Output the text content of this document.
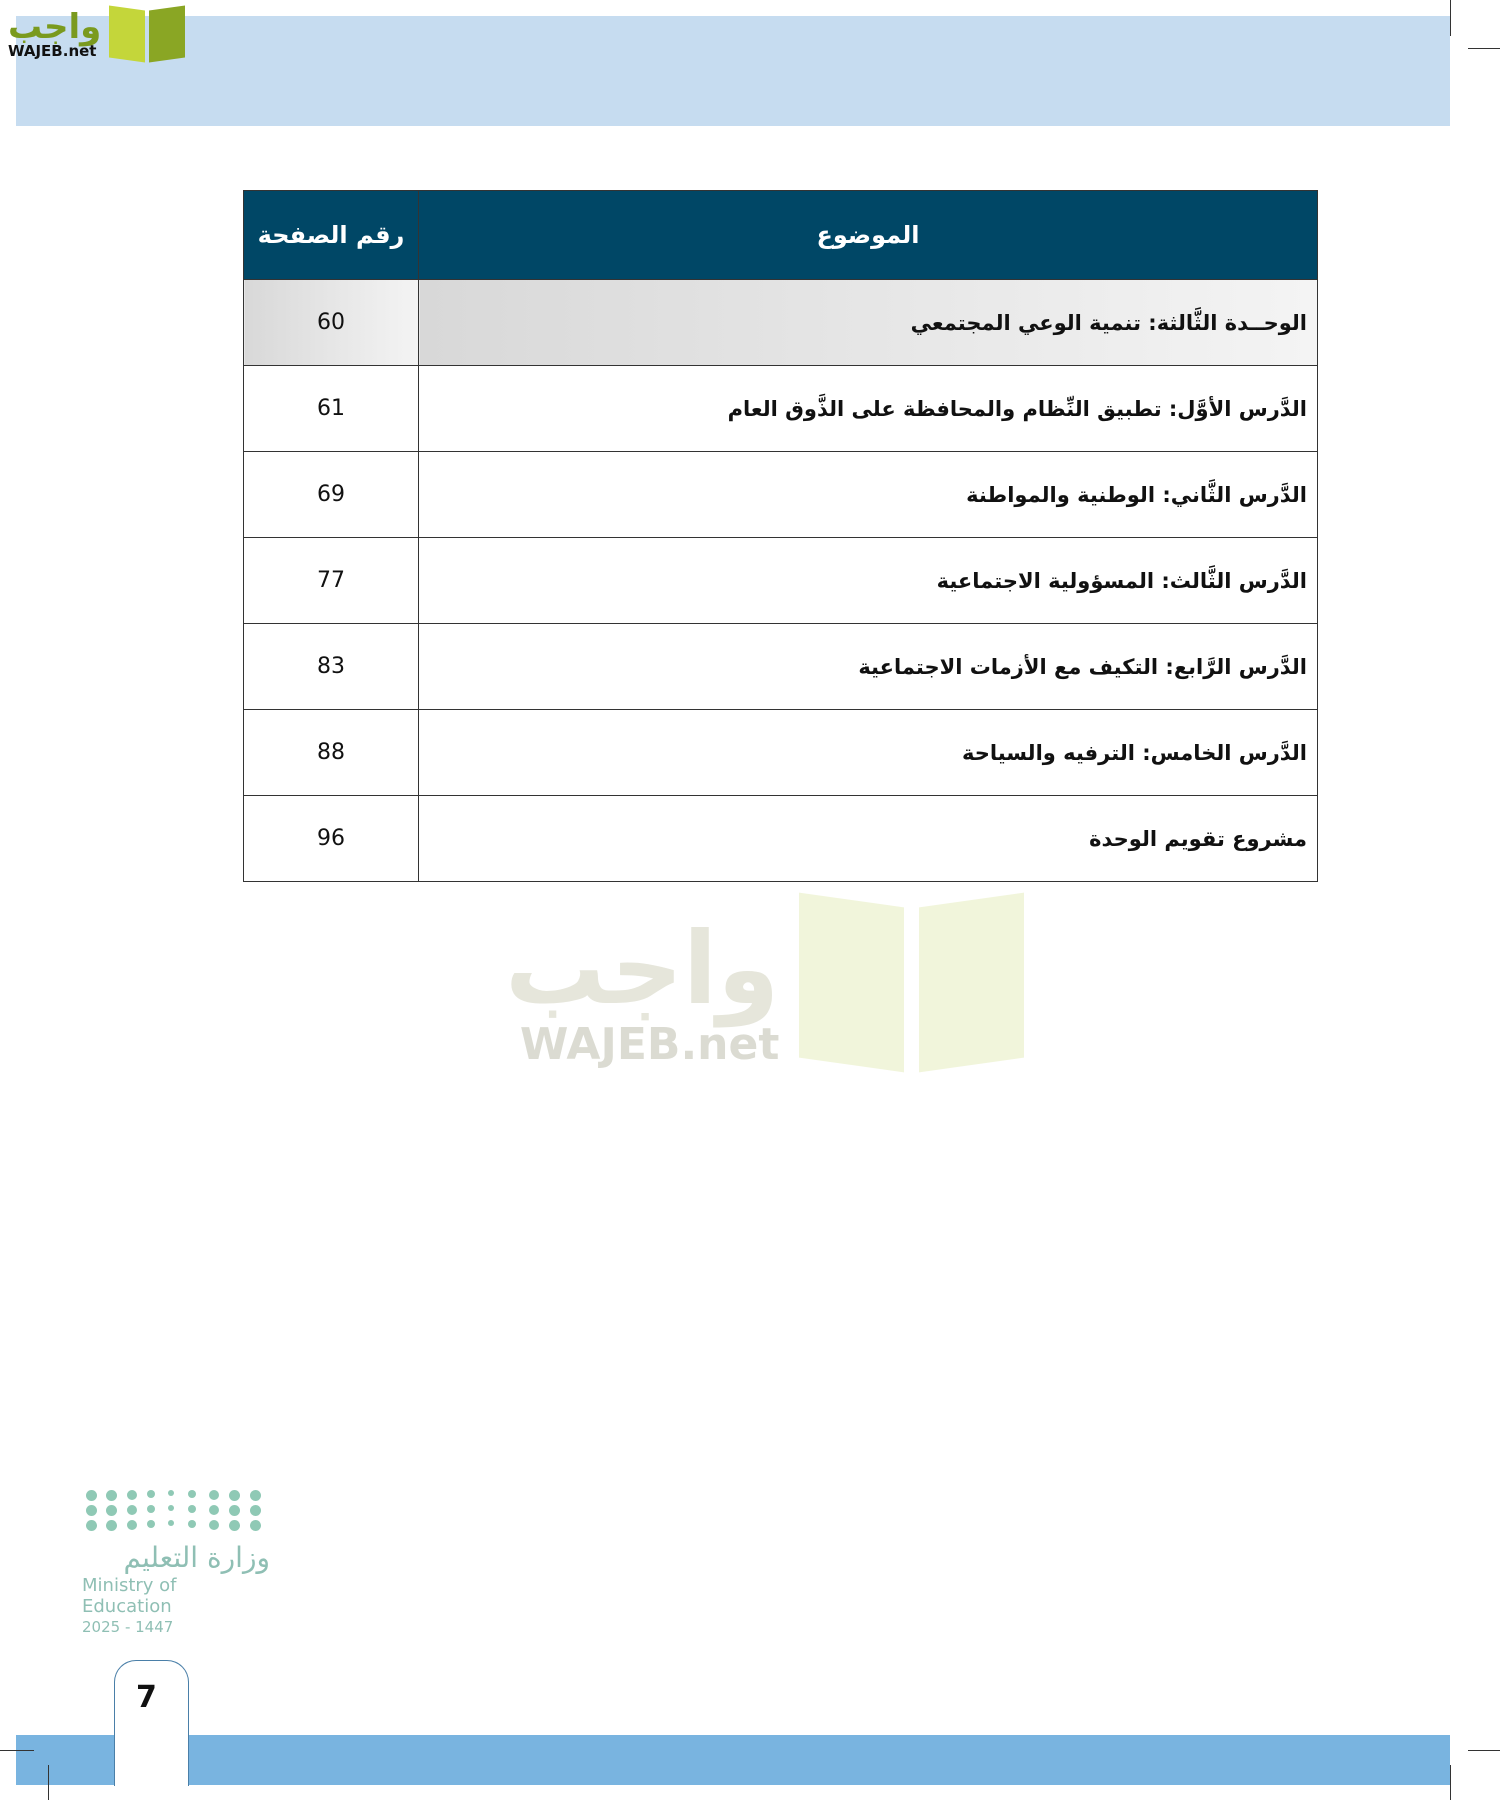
واجب
WAJEB.net
الموضوع	رقم الصفحة
الوحــدة الثَّالثة: تنمية الوعي المجتمعي	60
الدَّرس الأوَّل: تطبيق النِّظام والمحافظة على الذَّوق العام	61
الدَّرس الثَّاني: الوطنية والمواطنة	69
الدَّرس الثَّالث: المسؤولية الاجتماعية	77
الدَّرس الرَّابع: التكيف مع الأزمات الاجتماعية	83
الدَّرس الخامس: الترفيه والسياحة	88
مشروع تقويم الوحدة	96
واجب
WAJEB.net
وزارة التعليم
Ministry of Education
2025 - 1447
7
